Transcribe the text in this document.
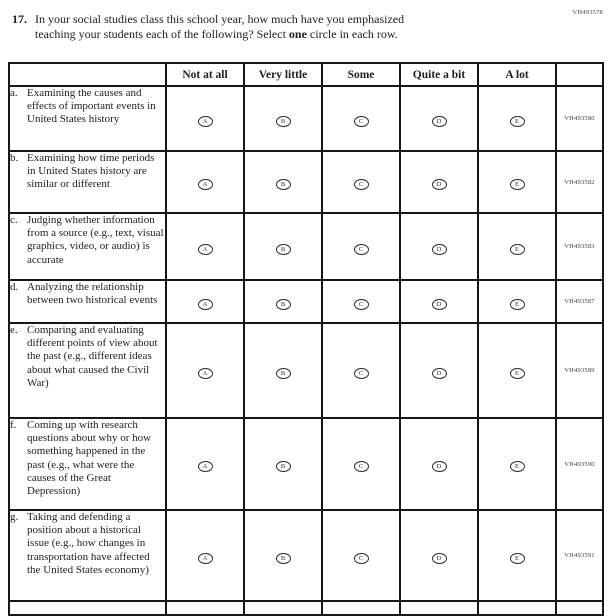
VH493578
17. In your social studies class this school year, how much have you emphasized
teaching your students each of the following? Select one circle in each row.
	Not at all	Very little	Some	Quite a bit	A lot	

a. Examining the causes and effects of important events in United States history	A	B	C	D	E	VH493580

b. Examining how time periods in United States history are similar or different	A	B	C	D	E	VH493582

c. Judging whether information from a source (e.g., text, visual graphics, video, or audio) is accurate	A	B	C	D	E	VH493583

d. Analyzing the relationship between two historical events	A	B	C	D	E	VH493587

e. Comparing and evaluating different points of view about the past (e.g., different ideas about what caused the Civil War)	A	B	C	D	E	VH493589

f. Coming up with research questions about why or how something happened in the past (e.g., what were the causes of the Great Depression)	A	B	C	D	E	VH493590

g. Taking and defending a position about a historical issue (e.g., how changes in transportation have affected the United States economy)	A	B	C	D	E	VH493591
